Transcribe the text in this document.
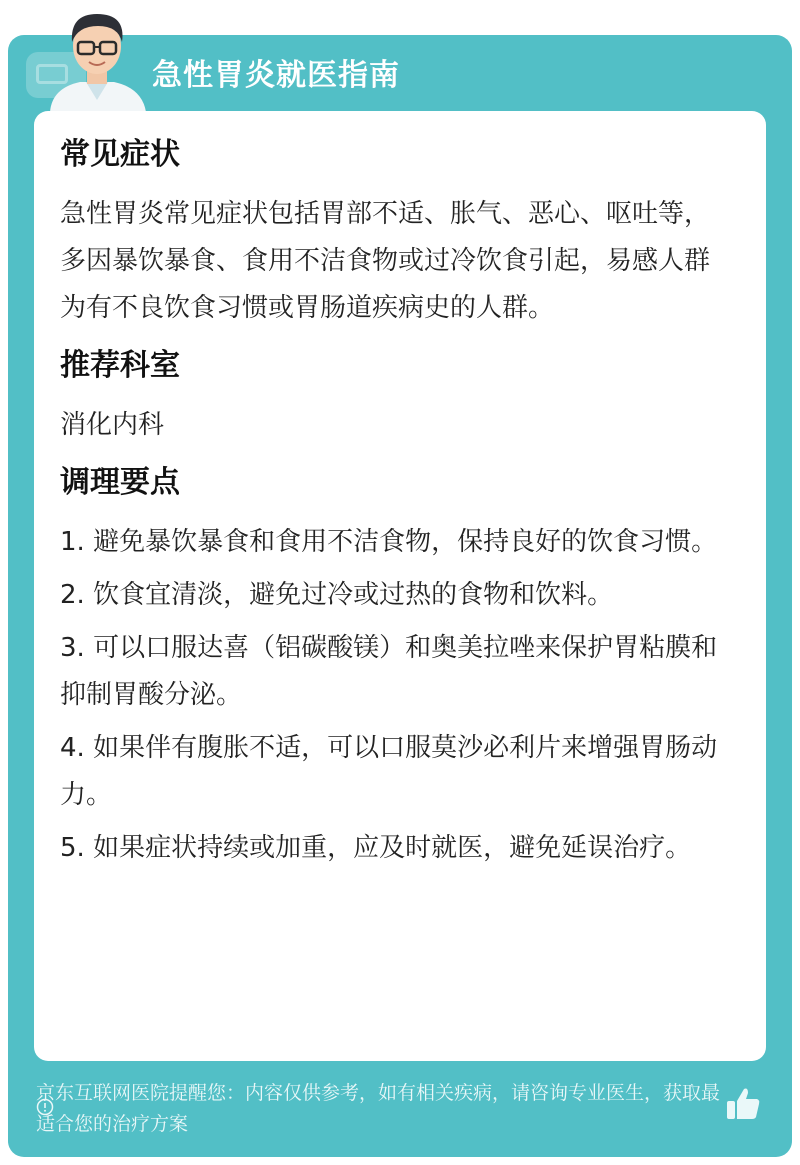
急性胃炎就医指南
常见症状
急性胃炎常见症状包括胃部不适、胀气、恶心、呕吐等，多因暴饮暴食、食用不洁食物或过冷饮食引起，易感人群为有不良饮食习惯或胃肠道疾病史的人群。
推荐科室
消化内科
调理要点
1. 避免暴饮暴食和食用不洁食物，保持良好的饮食习惯。
2. 饮食宜清淡，避免过冷或过热的食物和饮料。
3. 可以口服达喜（铝碳酸镁）和奥美拉唑来保护胃粘膜和抑制胃酸分泌。
4. 如果伴有腹胀不适，可以口服莫沙必利片来增强胃肠动力。
5. 如果症状持续或加重，应及时就医，避免延误治疗。
京东互联网医院提醒您：内容仅供参考，如有相关疾病，请咨询专业医生，获取最适合您的治疗方案
